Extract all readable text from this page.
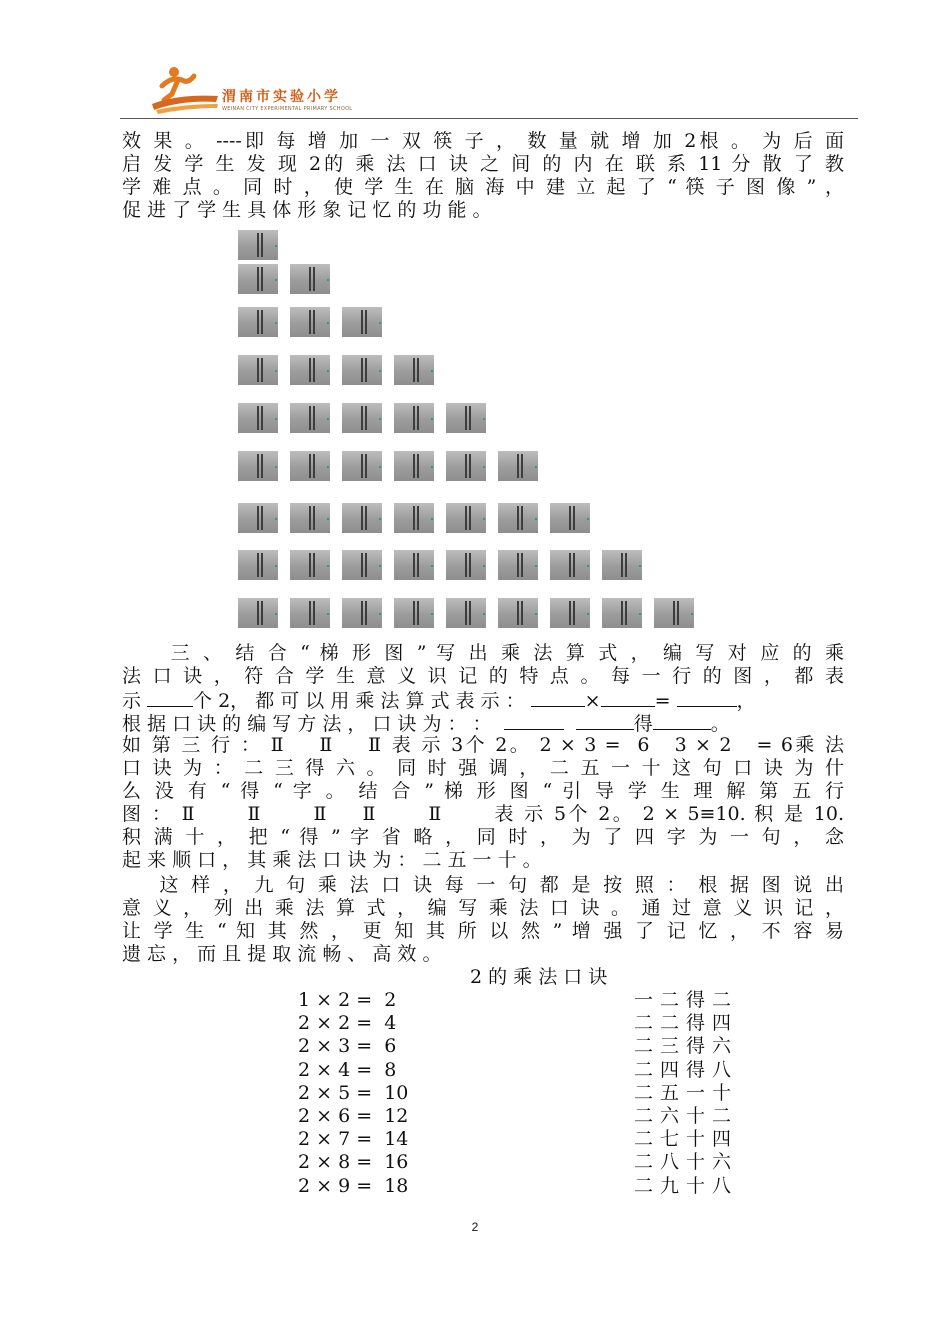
渭南市实验小学
WEINAN CITY EXPERIMENTAL PRIMARY SCHOOL
效 果 。 ----即 每 增 加 一 双 筷 子 ， 数 量 就 增 加 2根 。 为 后 面
启 发 学 生 发 现 2的 乘 法 口 诀 之 间 的 内 在 联 系 11 分 散 了 教
学 难 点 。 同 时 ， 使 学 生 在 脑 海 中 建 立 起 了 “ 筷 子 图 像 ” ，
促 进 了 学 生 具 体 形 象 记 忆 的 功 能 。
三 、 结 合 “ 梯 形 图 ” 写 出 乘 法 算 式 ， 编 写 对 应 的 乘
法 口 诀 ， 符 合 学 生 意 义 识 记 的 特 点 。 每 一 行 的 图 ， 都 表
示 个 2， 都 可 以 用 乘 法 算 式 表 示 ：	×	=	，
根 据 口 诀 的 编 写 方 法 ， 口 诀 为 ： ：	得	。
如 第 三 行 ： Ⅱ    Ⅱ    Ⅱ 表 示 3个 2。 2 × 3 =  6   3 × 2   = 6乘 法
口 诀 为 ： 二 三 得 六 。 同 时 强 调 ， 二 五 一 十 这 句 口 诀 为 什
么 没 有 “ 得 “ 字 。 结 合 ” 梯 形 图 “ 引 导 学 生 理 解 第 五 行
图 ： Ⅱ      Ⅱ      Ⅱ    Ⅱ      Ⅱ      表 示 5个 2。 2 × 5≡10. 积 是 10.
积 满 十 ， 把 “ 得 ” 字 省 略 ， 同 时 ， 为 了 四 字 为 一 句 ， 念
起 来 顺 口 ， 其 乘 法 口 诀 为 ： 二 五 一 十 。
这 样 ， 九 句 乘 法 口 诀 每 一 句 都 是 按 照 ： 根 据 图 说 出
意 义 ， 列 出 乘 法 算 式 ， 编 写 乘 法 口 诀 。 通 过 意 义 识 记 ，
让 学 生 “ 知 其 然 ， 更 知 其 所 以 然 ” 增 强 了 记 忆 ， 不 容 易
遗 忘 ， 而 且 提 取 流 畅 、 高 效 。
2 的 乘 法 口 诀
1 × 2 =  2	一二得二
2 × 2 =  4	二二得四
2 × 3 =  6	二三得六
2 × 4 =  8	二四得八
2 × 5 =  10	二五一十
2 × 6 =  12	二六十二
2 × 7 =  14	二七十四
2 × 8 =  16	二八十六
2 × 9 =  18	二九十八
2
